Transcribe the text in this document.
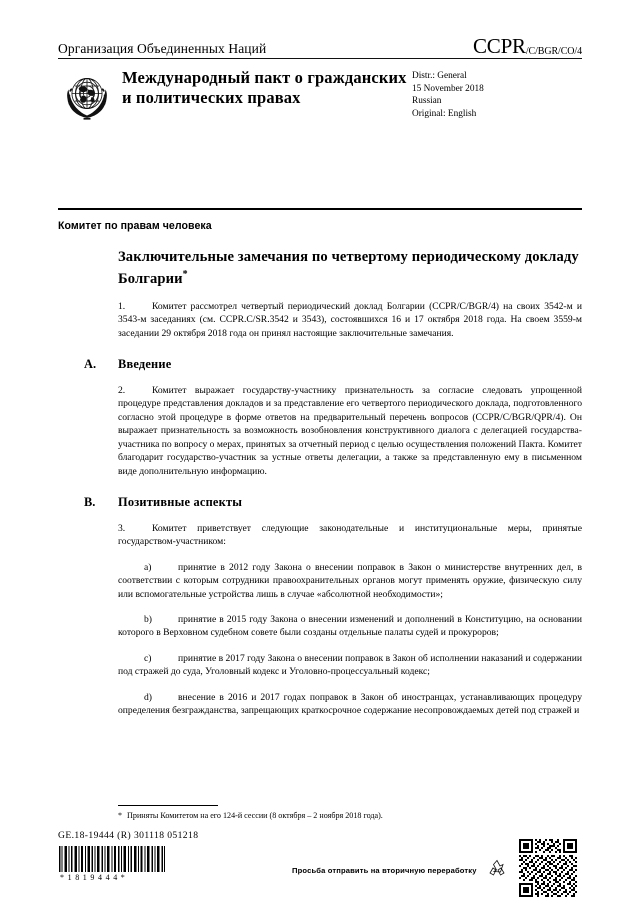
Организация Объединенных Наций	CCPR/C/BGR/CO/4
Международный пакт о гражданских и политических правах
Distr.: General
15 November 2018
Russian
Original: English
Комитет по правам человека
Заключительные замечания по четвертому периодическому докладу Болгарии*
1.	Комитет рассмотрел четвертый периодический доклад Болгарии (CCPR/C/BGR/4) на своих 3542-м и 3543-м заседаниях (см. CCPR.C/SR.3542 и 3543), состоявшихся 16 и 17 октября 2018 года. На своем 3559-м заседании 29 октября 2018 года он принял настоящие заключительные замечания.
A.	Введение
2.	Комитет выражает государству-участнику признательность за согласие следовать упрощенной процедуре представления докладов и за представление его четвертого периодического доклада, подготовленного согласно этой процедуре в форме ответов на предварительный перечень вопросов (CCPR/C/BGR/QPR/4). Он выражает признательность за возможность возобновления конструктивного диалога с делегацией государства-участника по вопросу о мерах, принятых за отчетный период с целью осуществления положений Пакта. Комитет благодарит государство-участник за устные ответы делегации, а также за представленную ему в письменном виде дополнительную информацию.
B.	Позитивные аспекты
3.	Комитет приветствует следующие законодательные и институциональные меры, принятые государством-участником:
a)	принятие в 2012 году Закона о внесении поправок в Закон о министерстве внутренних дел, в соответствии с которым сотрудники правоохранительных органов могут применять оружие, физическую силу или вспомогательные устройства лишь в случае «абсолютной необходимости»;
b)	принятие в 2015 году Закона о внесении изменений и дополнений в Конституцию, на основании которого в Верховном судебном совете были созданы отдельные палаты судей и прокуроров;
c)	принятие в 2017 году Закона о внесении поправок в Закон об исполнении наказаний и содержании под стражей до суда, Уголовный кодекс и Уголовно-процессуальный кодекс;
d)	внесение в 2016 и 2017 годах поправок в Закон об иностранцах, устанавливающих процедуру определения безгражданства, запрещающих краткосрочное содержание несопровождаемых детей под стражей и
* Приняты Комитетом на его 124-й сессии (8 октября – 2 ноября 2018 года).
GE.18-19444 (R) 301118 051218
*1819444*
Просьба отправить на вторичную переработку
